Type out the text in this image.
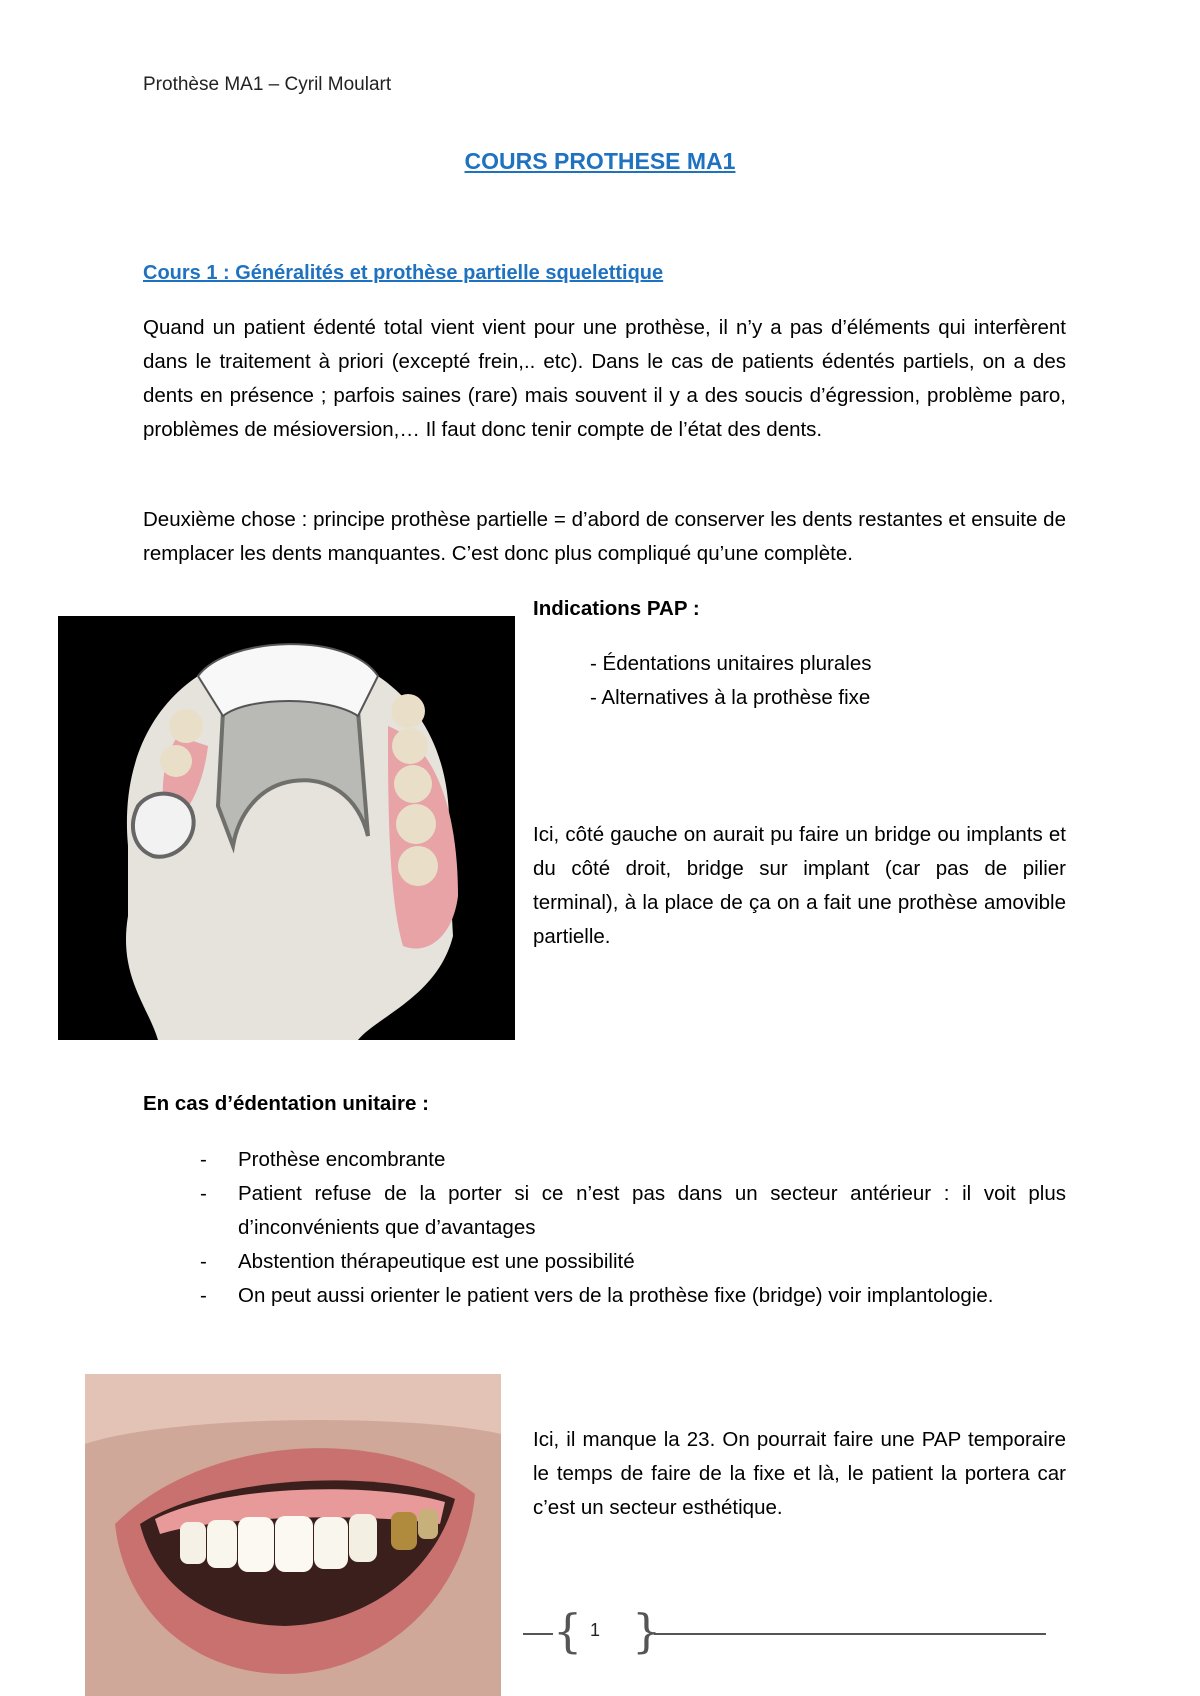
Prothèse MA1 – Cyril Moulart
COURS PROTHESE MA1
Cours 1 : Généralités et prothèse partielle squelettique

Quand un patient édenté total vient vient pour une prothèse, il n’y a pas d’éléments qui interfèrent dans le traitement à priori (excepté frein,.. etc). Dans le cas de patients édentés partiels, on a des dents en présence ; parfois saines (rare) mais souvent il y a des soucis d’égression, problème paro, problèmes de mésioversion,… Il faut donc tenir compte de l’état des dents.

Deuxième chose : principe prothèse partielle = d’abord de conserver les dents restantes et ensuite de remplacer les dents manquantes. C’est donc plus compliqué qu’une complète.

Indications PAP :
- Édentations unitaires plurales
- Alternatives à la prothèse fixe

Ici, côté gauche on aurait pu faire un bridge ou implants et du côté droit, bridge sur implant (car pas de pilier terminal), à la place de ça on a fait une prothèse amovible partielle.

En cas d’édentation unitaire :
- Prothèse encombrante
- Patient refuse de la porter si ce n’est pas dans un secteur antérieur : il voit plus d’inconvénients que d’avantages
- Abstention thérapeutique est une possibilité
- On peut aussi orienter le patient vers de la prothèse fixe (bridge) voir implantologie.

Ici, il manque la 23. On pourrait faire une PAP temporaire le temps de faire de la fixe et là, le patient la portera car c’est un secteur esthétique.

{ }
1
